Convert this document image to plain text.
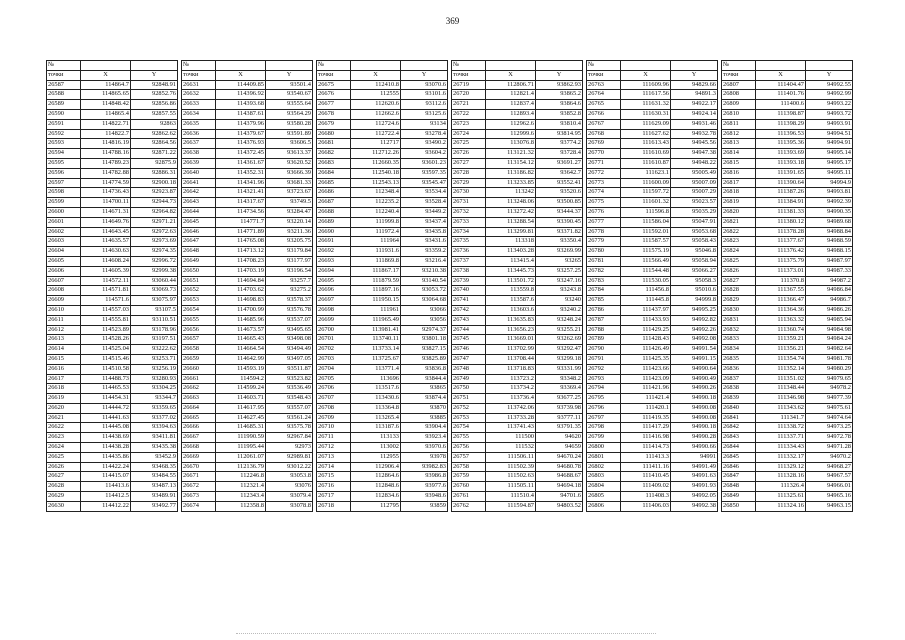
369
№		
точки	X	Y
26587	114864.7	92848.91
26588	114865.65	92852.76
26589	114848.42	92856.86
26590	114865.4	92857.55
26591	114822.71	92863
26592	114822.7	92862.62
26593	114816.19	92864.56
26594	114788.16	92871.22
26595	114789.23	92875.9
26596	114782.88	92886.31
26597	114774.59	92900.18
26598	114736.43	92923.87
26599	114700.11	92944.73
26600	114671.31	92964.82
26601	114649.76	92971.21
26602	114643.45	92972.63
26603	114635.57	92973.69
26604	114630.63	92974.35
26605	114608.24	92996.72
26606	114605.39	92999.38
26607	114572.11	93060.44
26608	114571.81	93069.73
26609	114571.6	93075.97
26610	114557.03	93107.5
26611	114555.81	93110.51
26612	114523.89	93178.96
26613	114528.26	93197.51
26614	114525.04	93222.62
26615	114515.46	93253.71
26616	114510.58	93256.19
26617	114488.73	93280.93
26618	114465.53	93304.25
26619	114454.31	93344.7
26620	114444.72	93359.65
26621	114441.63	93377.02
26622	114445.08	93394.63
26623	114438.69	93411.81
26624	114438.28	93435.38
26625	114435.86	93452.9
26626	114422.24	93468.35
26627	114415.07	93484.55
26628	114413.6	93487.13
26629	114412.5	93489.91
26630	114412.22	93492.77
№		
точки	X	Y
26631	114409.85	93501.4
26632	114396.92	93540.67
26633	114393.68	93555.64
26634	114387.61	93564.29
26635	114379.96	93580.28
26636	114379.67	93591.89
26637	114376.93	93606.5
26638	114372.45	93613.37
26639	114361.67	93620.52
26640	114352.31	93666.39
26641	114341.96	93681.33
26642	114321.41	93723.67
26643	114317.67	93749.5
26644	114734.56	93284.47
26645	114771.7	93220.14
26646	114771.89	93211.36
26647	114765.08	93205.75
26648	114713.12	93179.84
26649	114708.23	93177.97
26650	114703.19	93196.54
26651	114694.84	93257.7
26652	114703.62	93275.2
26653	114698.83	93578.37
26654	114700.99	93576.78
26655	114685.96	93537.07
26656	114673.57	93495.65
26657	114665.43	93498.08
26658	114664.54	93494.49
26659	114642.99	93497.05
26660	114593.19	93511.87
26661	114594.2	93523.82
26662	114599.24	93536.49
26663	114603.71	93548.43
26664	114617.95	93557.07
26665	114627.45	93561.24
26666	114685.31	93575.78
26667	111990.59	92967.84
26668	111995.44	92973
26669	112061.07	92989.81
26670	112136.79	93012.22
26671	112246.8	93053.8
26672	112321.4	93076
26673	112343.4	93079.4
26674	112358.8	93078.8
№		
точки	X	Y
26675	112410.8	93070.6
26676	112555	93101.6
26677	112620.6	93112.6
26678	112662.6	93125.6
26679	112724.6	93134
26680	112722.4	93278.4
26681	112717	93490.2
26682	112712.26	93604.2
26683	112660.35	93601.23
26684	112540.18	93597.35
26685	112543.13	93545.47
26686	112348.4	93534.4
26687	112235.2	93528.4
26688	112240.4	93449.2
26689	111999.8	93437.4
26690	111972.4	93435.8
26691	111964	93431.6
26692	111931.6	93359.2
26693	111869.8	93216.4
26694	111867.17	93210.38
26695	111879.59	93140.54
26696	111897.16	93053.72
26697	111950.15	93064.68
26698	111961	93066
26699	111965.49	93056
26700	113981.41	92974.37
26701	113740.11	93801.18
26702	113733.14	93827.15
26703	113725.67	93825.89
26704	113771.4	93836.8
26705	113696	93844.4
26706	113517.6	93865
26707	113430.6	93874.4
26708	113364.8	93870
26709	113265.4	93885
26710	113187.6	93904.4
26711	113133	93923.4
26712	113002	93970.6
26713	112955	93978
26714	112906.4	93982.83
26715	112864.6	93986.8
26716	112848.6	93977.6
26717	112834.6	93948.6
26718	112795	93859
№		
точки	X	Y
26719	112806.71	93862.93
26720	112821.4	93865.2
26721	112837.4	93864.6
26722	112893.4	93852.8
26723	112962.6	93810.4
26724	112999.6	93814.95
26725	113076.8	93774.2
26726	113121.32	93728.4
26727	113154.12	93691.27
26728	113186.82	93642.7
26729	113233.85	93552.41
26730	113242	93520.6
26731	113248.06	93500.85
26732	113272.42	93444.37
26733	113288.54	93390.45
26734	113299.81	93371.82
26735	113318	93350.4
26736	113403.28	93269.99
26737	113415.4	93265
26738	113445.73	93257.25
26739	113501.72	93247.16
26740	113559.8	93243.8
26741	113587.6	93240
26742	113603.6	93240.2
26743	113635.83	93248.24
26744	113656.23	93255.21
26745	113669.01	93262.69
26746	113702.99	93292.47
26747	113708.44	93299.18
26748	113718.83	93331.99
26749	113723.2	93348.2
26750	113734.2	93369.4
26751	113736.4	93677.25
26752	113742.06	93739.98
26753	113733.28	93777.11
26754	113741.43	93791.35
26755	111500	94620
26756	111532	94659
26757	111506.11	94670.24
26758	111502.39	94680.78
26759	111502.63	94688.67
26760	111505.11	94694.18
26761	111510.4	94701.6
26762	111594.87	94803.52
№		
точки	X	Y
26763	111609.96	94829.66
26764	111617.56	94891.3
26765	111631.32	94922.17
26766	111630.31	94924.14
26767	111629.09	94931.46
26768	111627.62	94932.78
26769	111613.43	94945.56
26770	111610.69	94947.38
26771	111610.87	94948.22
26772	111623.1	95005.49
26773	111600.09	95007.09
26774	111597.72	95007.29
26775	111601.32	95023.57
26776	111596.8	95035.29
26777	111586.04	95047.91
26778	111592.01	95053.68
26779	111587.57	95058.43
26780	111575.19	95046.8
26781	111566.49	95058.94
26782	111544.48	95066.27
26783	111530.05	95058.3
26784	111456.8	95010.6
26785	111445.8	94999.8
26786	111437.97	94995.25
26787	111433.93	94992.82
26788	111429.25	94992.26
26789	111428.43	94992.08
26790	111426.49	94991.54
26791	111425.35	94991.15
26792	111423.66	94990.64
26793	111423.09	94990.49
26794	111421.96	94990.26
26795	111421.4	94990.18
26796	111420.1	94990.08
26797	111419.35	94990.08
26798	111417.29	94990.18
26799	111416.98	94990.28
26800	111414.73	94990.66
26801	111413.3	94991
26802	111411.16	94991.49
26803	111410.45	94991.63
26804	111409.02	94991.93
26805	111408.3	94992.05
26806	111406.03	94992.38
№		
точки	X	Y
26807	111404.47	94992.55
26808	111401.76	94992.99
26809	111400.6	94993.22
26810	111398.87	94993.72
26811	111398.29	94993.91
26812	111396.53	94994.51
26813	111395.36	94994.91
26814	111393.69	94995.14
26815	111393.18	94995.17
26816	111391.65	94995.11
26817	111390.64	94994.9
26818	111387.26	94993.81
26819	111384.91	94992.39
26820	111381.33	94990.35
26821	111380.12	94989.68
26822	111378.28	94988.84
26823	111377.67	94988.59
26824	111376.42	94988.15
26825	111375.79	94987.97
26826	111373.01	94987.33
26827	111370.8	94987.2
26828	111367.55	94986.84
26829	111366.47	94986.7
26830	111364.36	94986.26
26831	111363.32	94985.94
26832	111360.74	94984.98
26833	111359.21	94984.24
26834	111356.21	94982.64
26835	111354.74	94981.78
26836	111352.14	94980.29
26837	111351.02	94979.65
26838	111348.44	94978.2
26839	111346.98	94977.39
26840	111343.62	94975.61
26841	111341.7	94974.64
26842	111338.72	94973.25
26843	111337.71	94972.78
26844	111334.43	94971.28
26845	111332.17	94970.2
26846	111329.12	94968.27
26847	111328.16	94967.57
26848	111326.4	94966.01
26849	111325.61	94965.16
26850	111324.16	94963.15
